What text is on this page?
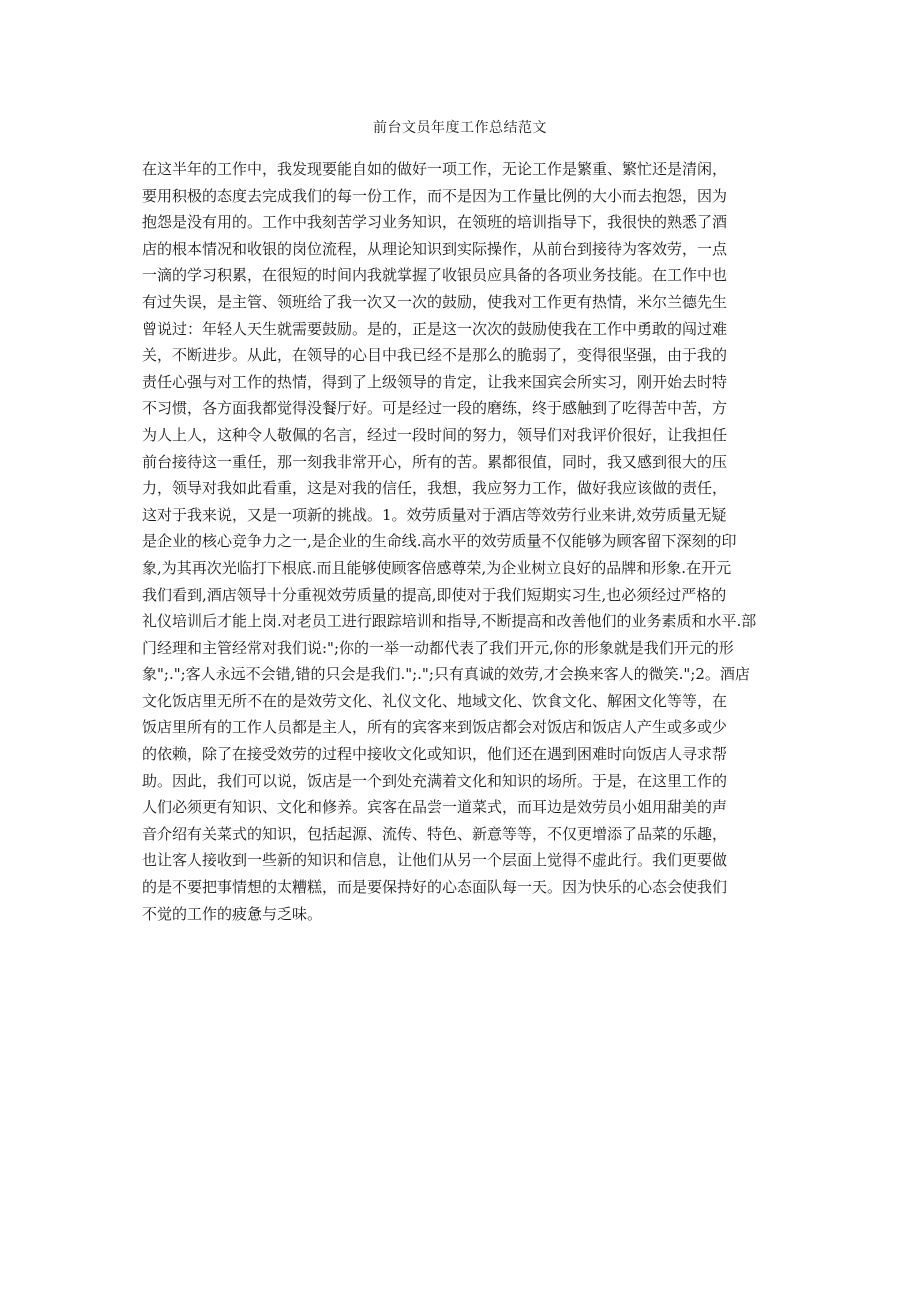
前台文员年度工作总结范文
在这半年的工作中，我发现要能自如的做好一项工作，无论工作是繁重、繁忙还是清闲，
要用积极的态度去完成我们的每一份工作，而不是因为工作量比例的大小而去抱怨，因为
抱怨是没有用的。工作中我刻苦学习业务知识，在领班的培训指导下，我很快的熟悉了酒
店的根本情况和收银的岗位流程，从理论知识到实际操作，从前台到接待为客效劳，一点
一滴的学习积累，在很短的时间内我就掌握了收银员应具备的各项业务技能。在工作中也
有过失误，是主管、领班给了我一次又一次的鼓励，使我对工作更有热情，米尔兰德先生
曾说过：年轻人天生就需要鼓励。是的，正是这一次次的鼓励使我在工作中勇敢的闯过难
关，不断进步。从此，在领导的心目中我已经不是那么的脆弱了，变得很坚强，由于我的
责任心强与对工作的热情，得到了上级领导的肯定，让我来国宾会所实习，刚开始去时特
不习惯，各方面我都觉得没餐厅好。可是经过一段的磨练，终于感触到了吃得苦中苦，方
为人上人，这种令人敬佩的名言，经过一段时间的努力，领导们对我评价很好，让我担任
前台接待这一重任，那一刻我非常开心，所有的苦。累都很值，同时，我又感到很大的压
力，领导对我如此看重，这是对我的信任，我想，我应努力工作，做好我应该做的责任，
这对于我来说，又是一项新的挑战。1。效劳质量对于酒店等效劳行业来讲,效劳质量无疑
是企业的核心竞争力之一,是企业的生命线.高水平的效劳质量不仅能够为顾客留下深刻的印
象,为其再次光临打下根底.而且能够使顾客倍感尊荣,为企业树立良好的品牌和形象.在开元
我们看到,酒店领导十分重视效劳质量的提高,即使对于我们短期实习生,也必须经过严格的
礼仪培训后才能上岗.对老员工进行跟踪培训和指导,不断提高和改善他们的业务素质和水平.部
门经理和主管经常对我们说:";你的一举一动都代表了我们开元,你的形象就是我们开元的形
象";.";客人永远不会错,错的只会是我们.";.";只有真诚的效劳,才会换来客人的微笑.";2。酒店
文化饭店里无所不在的是效劳文化、礼仪文化、地域文化、饮食文化、解困文化等等，在
饭店里所有的工作人员都是主人，所有的宾客来到饭店都会对饭店和饭店人产生或多或少
的依赖，除了在接受效劳的过程中接收文化或知识，他们还在遇到困难时向饭店人寻求帮
助。因此，我们可以说，饭店是一个到处充满着文化和知识的场所。于是，在这里工作的
人们必须更有知识、文化和修养。宾客在品尝一道菜式，而耳边是效劳员小姐用甜美的声
音介绍有关菜式的知识，包括起源、流传、特色、新意等等，不仅更增添了品菜的乐趣，
也让客人接收到一些新的知识和信息，让他们从另一个层面上觉得不虚此行。我们更要做
的是不要把事情想的太糟糕，而是要保持好的心态面队每一天。因为快乐的心态会使我们
不觉的工作的疲惫与乏味。
